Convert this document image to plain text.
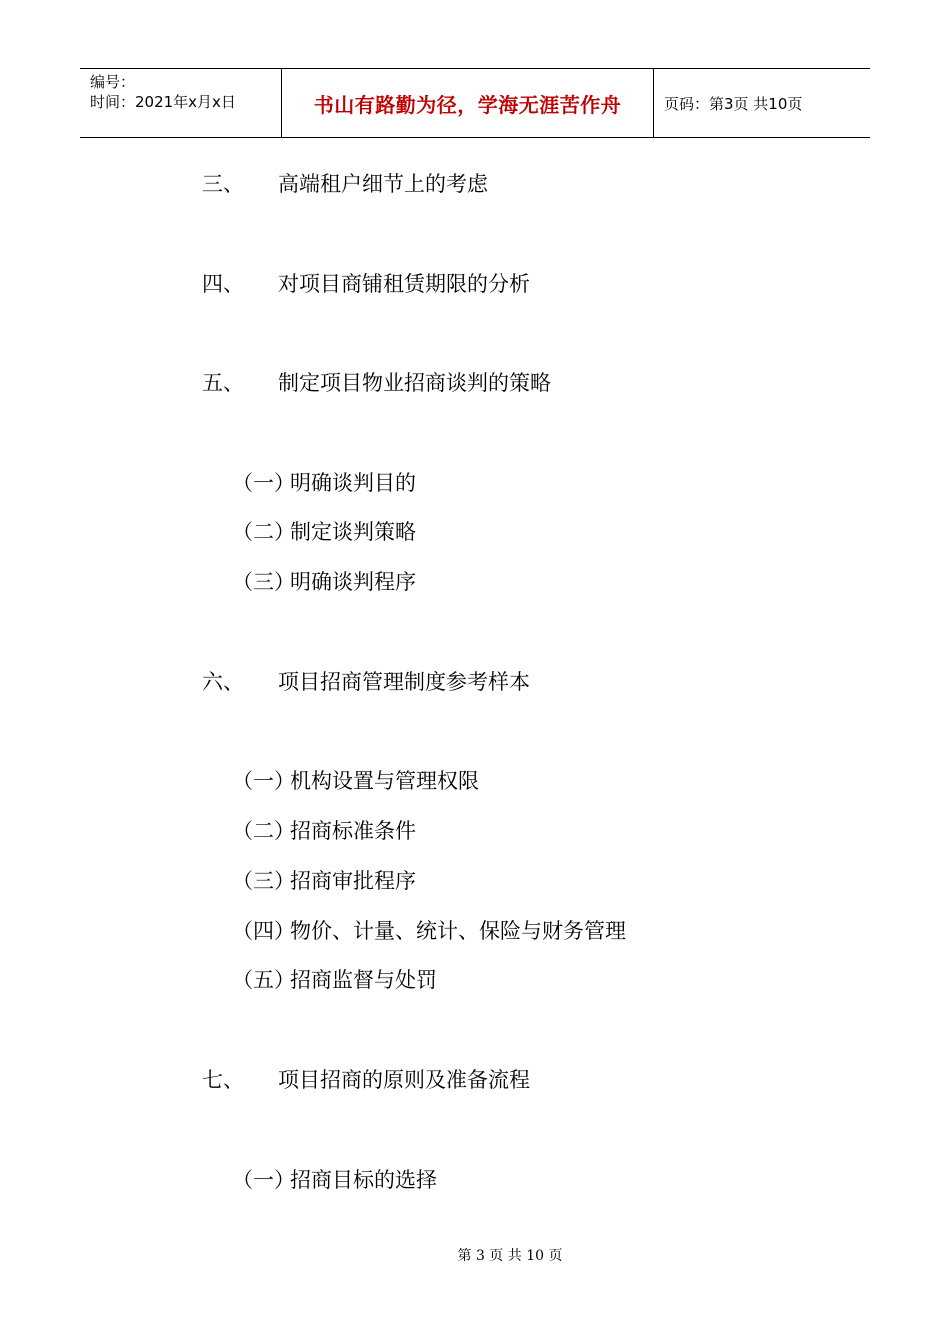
编号：
时间：2021年x月x日	书山有路勤为径，学海无涯苦作舟	页码：第3页 共10页
三、 高端租户细节上的考虑
四、 对项目商铺租赁期限的分析
五、 制定项目物业招商谈判的策略
（一）
明确谈判目的
（二）
制定谈判策略
（三）
明确谈判程序
六、 项目招商管理制度参考样本
（一）
机构设置与管理权限
（二）
招商标准条件
（三）
招商审批程序
（四）
物价、计量、统计、保险与财务管理
（五）
招商监督与处罚
七、 项目招商的原则及准备流程
（一）
招商目标的选择
第 3 页 共 10 页
